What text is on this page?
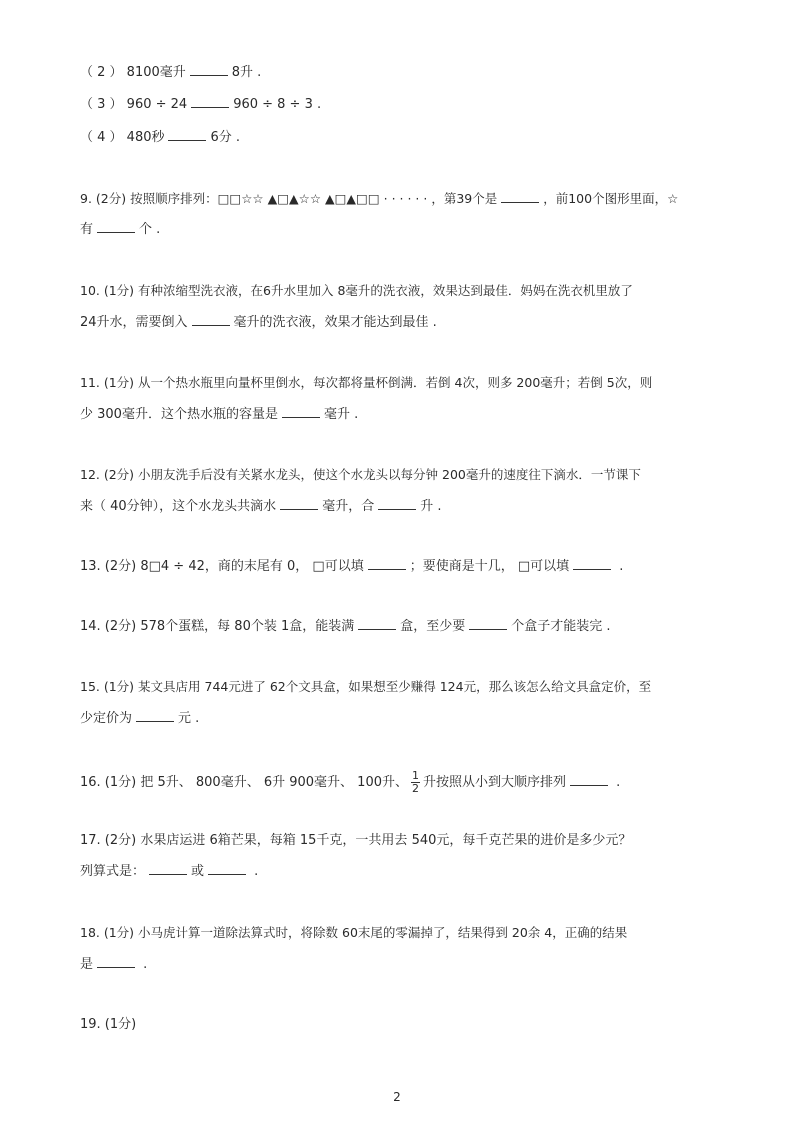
（ 2 ） 8100毫升	8升 .
（ 3 ） 960 ÷ 24	960 ÷ 8 ÷ 3 .
（ 4 ） 480秒	6分 .
9. (2分) 按照顺序排列：□□☆☆ ▲□▲☆☆ ▲□▲□□ · · · · · · ，第39个是	，前100个图形里面，☆
有	个 .
10. (1分) 有种浓缩型洗衣液，在6升水里加入 8毫升的洗衣液，效果达到最佳．妈妈在洗衣机里放了
24升水，需要倒入	毫升的洗衣液，效果才能达到最佳 .
11. (1分) 从一个热水瓶里向量杯里倒水，每次都将量杯倒满．若倒 4次，则多 200毫升；若倒 5次，则
少 300毫升．这个热水瓶的容量是	毫升 .
12. (2分) 小朋友洗手后没有关紧水龙头，使这个水龙头以每分钟 200毫升的速度往下滴水．一节课下
来（ 40分钟），这个水龙头共滴水	毫升，合	升 .
13. (2分) 8□4 ÷ 42，商的末尾有 0， □可以填	；要使商是十几， □可以填	.
14. (2分) 578个蛋糕，每 80个装 1盒，能装满	盒，至少要	个盒子才能装完 .
15. (1分) 某文具店用 744元进了 62个文具盒，如果想至少赚得 124元，那么该怎么给文具盒定价，至
少定价为	元 .
16. (1分) 把 5升、 800毫升、 6升 900毫升、 100升、 $\frac{1}{2}$ 升按照从小到大顺序排列	.
17. (2分) 水果店运进 6箱芒果，每箱 15千克，一共用去 540元，每千克芒果的进价是多少元？
列算式是：	或	.
18. (1分) 小马虎计算一道除法算式时，将除数 60末尾的零漏掉了，结果得到 20余 4，正确的结果
是	.
19. (1分)
2
